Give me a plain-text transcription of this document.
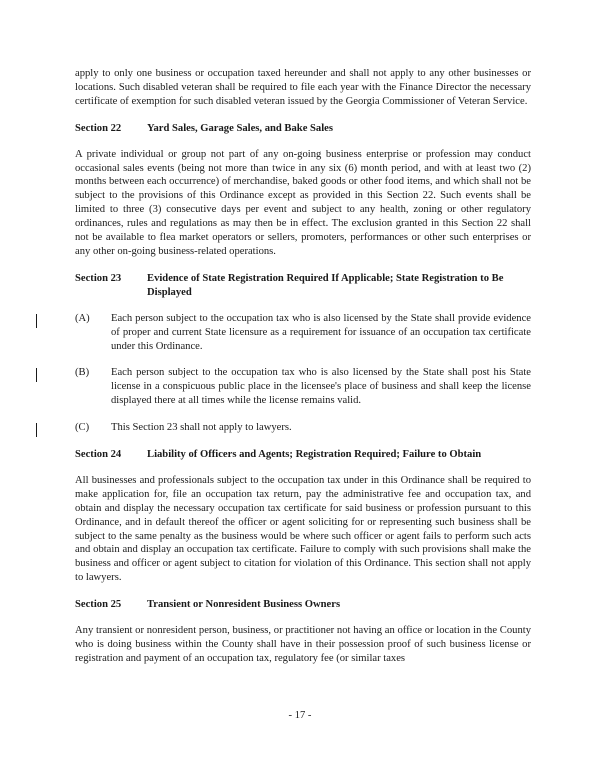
apply to only one business or occupation taxed hereunder and shall not apply to any other businesses or locations. Such disabled veteran shall be required to file each year with the Finance Director the necessary certificate of exemption for such disabled veteran issued by the Georgia Commissioner of Veteran Service.

Section 22	Yard Sales, Garage Sales, and Bake Sales

A private individual or group not part of any on-going business enterprise or profession may conduct occasional sales events (being not more than twice in any six (6) month period, and with at least two (2) months between each occurrence) of merchandise, baked goods or other food items, and which shall not be subject to the provisions of this Ordinance except as provided in this Section 22. Such events shall be limited to three (3) consecutive days per event and subject to any health, zoning or other regulatory ordinances, rules and regulations as may then be in effect. The exclusion granted in this Section 22 shall not be available to flea market operators or sellers, promoters, performances or other such enterprises or any other on-going business-related operations.

Section 23	Evidence of State Registration Required If Applicable; State Registration to Be Displayed
(A)	Each person subject to the occupation tax who is also licensed by the State shall provide evidence of proper and current State licensure as a requirement for issuance of an occupation tax certificate under this Ordinance.
(B)	Each person subject to the occupation tax who is also licensed by the State shall post his State license in a conspicuous public place in the licensee's place of business and shall keep the license displayed there at all times while the license remains valid.
(C)	This Section 23 shall not apply to lawyers.
Section 24	Liability of Officers and Agents; Registration Required; Failure to Obtain

All businesses and professionals subject to the occupation tax under in this Ordinance shall be required to make application for, file an occupation tax return, pay the administrative fee and occupation tax, and obtain and display the necessary occupation tax certificate for said business or profession pursuant to this Ordinance, and in default thereof the officer or agent soliciting for or representing such business shall be subject to the same penalty as the business would be where such officer or agent fails to perform such acts and obtain and display an occupation tax certificate. Failure to comply with such provisions shall make the business and officer or agent subject to citation for violation of this Ordinance. This section shall not apply to lawyers.

Section 25	Transient or Nonresident Business Owners

Any transient or nonresident person, business, or practitioner not having an office or location in the County who is doing business within the County shall have in their possession proof of such business license or registration and payment of an occupation tax, regulatory fee (or similar taxes

- 17 -
